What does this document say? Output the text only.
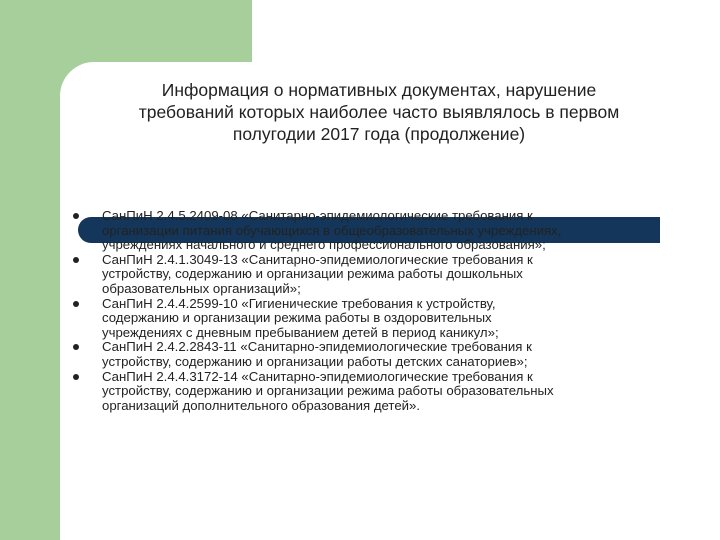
Информация о нормативных документах, нарушение
требований которых наиболее часто выявлялось в первом
полугодии 2017 года (продолжение)
СанПиН 2.4.5.2409-08 «Санитарно-эпидемиологические требования к
организации питания обучающихся в общеобразовательных учреждениях,
учреждениях начального и среднего профессионального образования»;
СанПиН 2.4.1.3049-13 «Санитарно-эпидемиологические требования к
устройству, содержанию и организации режима работы дошкольных
образовательных организаций»;
СанПиН 2.4.4.2599-10 «Гигиенические требования к устройству,
содержанию и организации режима работы в оздоровительных
учреждениях с дневным пребыванием детей в период каникул»;
СанПиН 2.4.2.2843-11 «Санитарно-эпидемиологические требования к
устройству, содержанию и организации работы детских санаториев»;
СанПиН 2.4.4.3172-14 «Санитарно-эпидемиологические требования к
устройству, содержанию и организации режима работы образовательных
организаций дополнительного образования детей».
